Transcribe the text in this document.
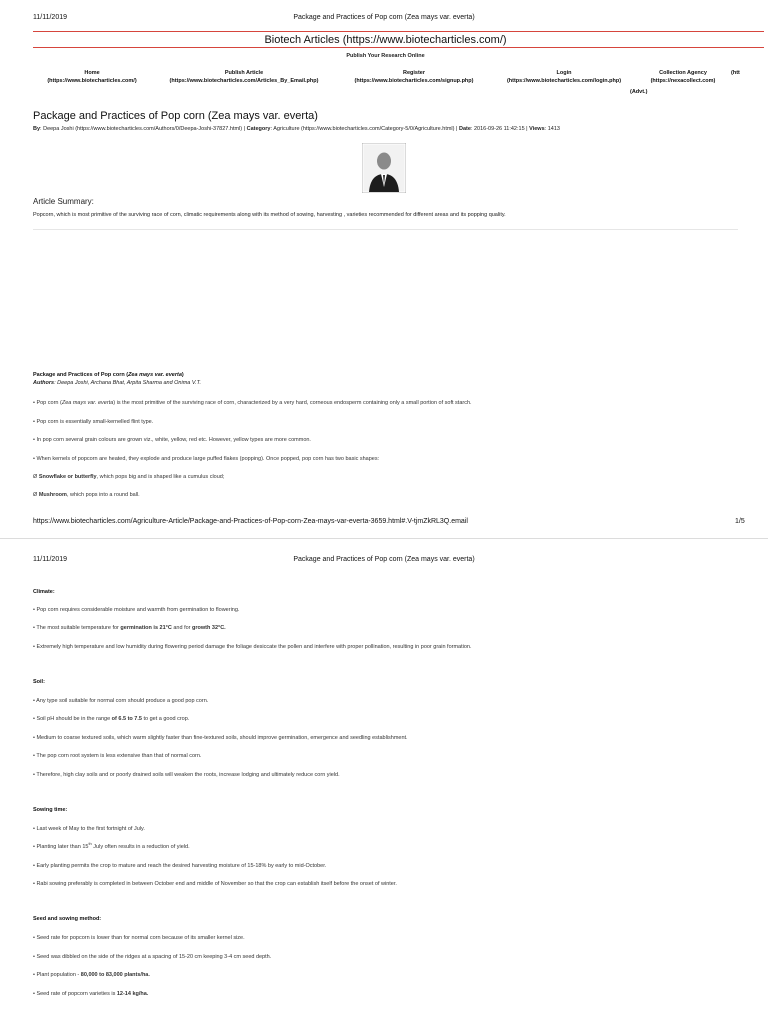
11/11/2019	Package and Practices of Pop corn (Zea mays var. everta)
Biotech Articles (https://www.biotecharticles.com/)
Publish Your Research Online
Home
(https://www.biotecharticles.com/)
Publish Article
(https://www.biotecharticles.com/Articles_By_Email.php)
Register
(https://www.biotecharticles.com/signup.php)
Login
(https://www.biotecharticles.com/login.php)
Collection Agency
(https://nexacollect.com)
(Advt.)
(htt
Package and Practices of Pop corn (Zea mays var. everta)
By: Deepa Joshi (https://www.biotecharticles.com/Authors/0/Deepa-Joshi-37827.html) | Category: Agriculture (https://www.biotecharticles.com/Category-5/0/Agriculture.html) | Date: 2016-09-26 11:42:15 | Views: 1413
Article Summary:
Popcorn, which is most primitive of the surviving race of corn, climatic requirements along with its method of sowing, harvesting , varieties recommended for different areas and its popping quality.
Package and Practices of Pop corn (Zea mays var. everta)
Authors: Deepa Joshi, Archana Bhat, Arpita Sharma and Onima V.T.
• Pop corn (Zea mays var. everta) is the most primitive of the surviving race of corn, characterized by a very hard, corneous endosperm containing only a small portion of soft starch.
• Pop corn is essentially small-kernelled flint type.
• In pop corn several grain colours are grown viz., white, yellow, red etc. However, yellow types are more common.
• When kernels of popcorn are heated, they explode and produce large puffed flakes (popping). Once popped, pop corn has two basic shapes:
Ø Snowflake or butterfly, which pops big and is shaped like a cumulus cloud;
Ø Mushroom, which pops into a round ball.
https://www.biotecharticles.com/Agriculture-Article/Package-and-Practices-of-Pop-corn-Zea-mays-var-everta-3659.html#.V-tjmZkRL3Q.email	1/5
11/11/2019	Package and Practices of Pop corn (Zea mays var. everta)
Climate:
• Pop corn requires considerable moisture and warmth from germination to flowering.
• The most suitable temperature for germination is 21°C and for growth 32°C.
• Extremely high temperature and low humidity during flowering period damage the foliage desiccate the pollen and interfere with proper pollination, resulting in poor grain formation.
Soil:
• Any type soil suitable for normal corn should produce a good pop corn.
• Soil pH should be in the range of 6.5 to 7.5 to get a good crop.
• Medium to coarse textured soils, which warm slightly faster than fine-textured soils, should improve germination, emergence and seedling establishment.
• The pop corn root system is less extensive than that of normal corn.
• Therefore, high clay soils and or poorly drained soils will weaken the roots, increase lodging and ultimately reduce corn yield.
Sowing time:
• Last week of May to the first fortnight of July.
• Planting later than 15th July often results in a reduction of yield.
• Early planting permits the crop to mature and reach the desired harvesting moisture of 15-18% by early to mid-October.
• Rabi sowing preferably is completed in between October end and middle of November so that the crop can establish itself before the onset of winter.
Seed and sowing method:
• Seed rate for popcorn is lower than for normal corn because of its smaller kernel size.
• Seed was dibbled on the side of the ridges at a spacing of 15-20 cm keeping 3-4 cm seed depth.
• Plant population - 80,000 to 83,000 plants/ha.
• Seed rate of popcorn varieties is 12-14 kg/ha.
